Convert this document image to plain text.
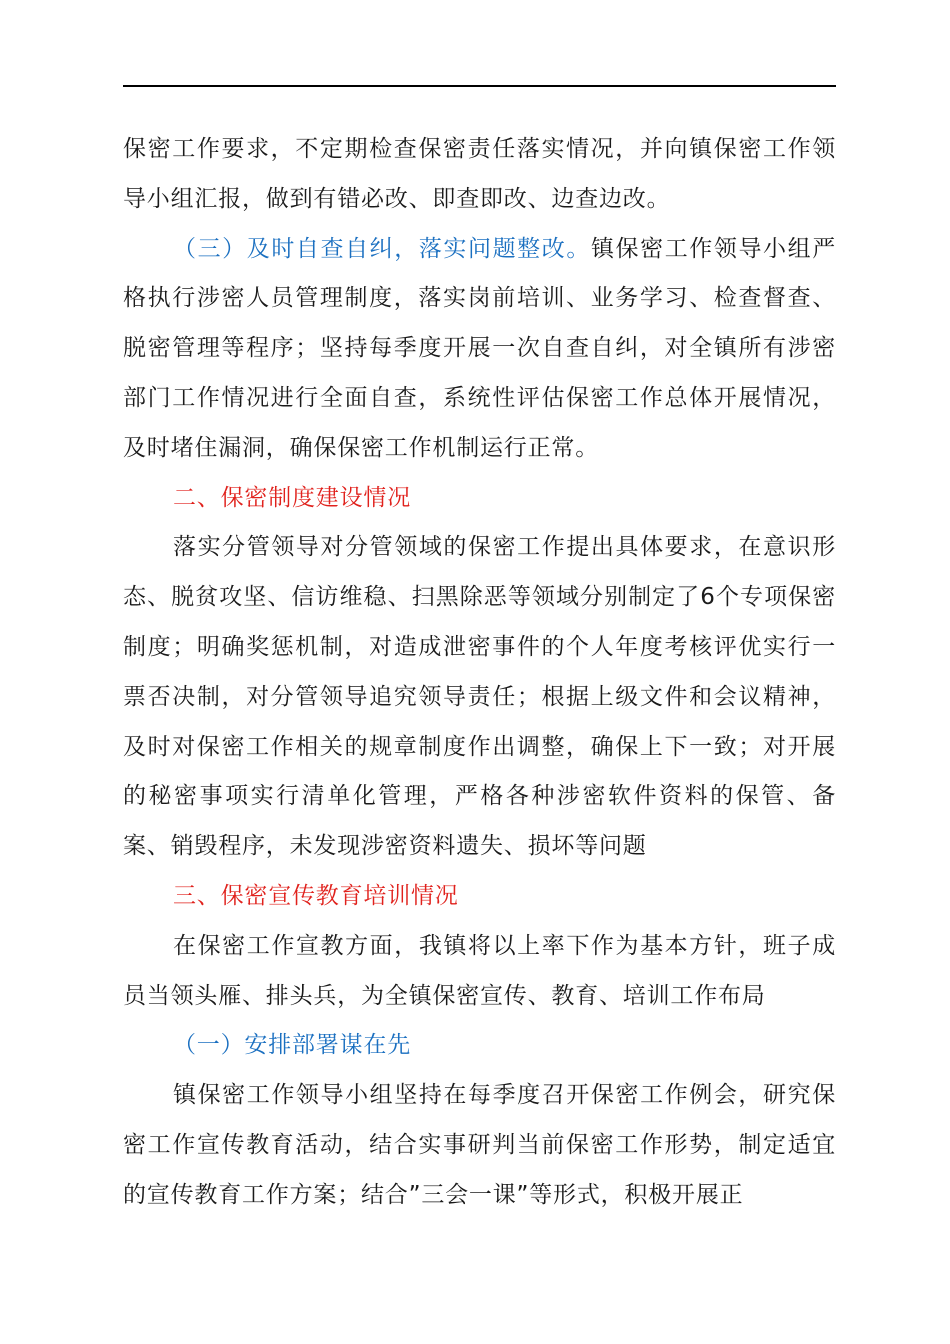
保密工作要求，不定期检查保密责任落实情况，并向镇保密工作领导小组汇报，做到有错必改、即查即改、边查边改。

（三）及时自查自纠，落实问题整改。镇保密工作领导小组严格执行涉密人员管理制度，落实岗前培训、业务学习、检查督查、脱密管理等程序；坚持每季度开展一次自查自纠，对全镇所有涉密部门工作情况进行全面自查，系统性评估保密工作总体开展情况，及时堵住漏洞，确保保密工作机制运行正常。

二、保密制度建设情况

落实分管领导对分管领域的保密工作提出具体要求，在意识形态、脱贫攻坚、信访维稳、扫黑除恶等领域分别制定了6个专项保密制度；明确奖惩机制，对造成泄密事件的个人年度考核评优实行一票否决制，对分管领导追究领导责任；根据上级文件和会议精神，及时对保密工作相关的规章制度作出调整，确保上下一致；对开展的秘密事项实行清单化管理，严格各种涉密软件资料的保管、备案、销毁程序，未发现涉密资料遗失、损坏等问题

三、保密宣传教育培训情况

在保密工作宣教方面，我镇将以上率下作为基本方针，班子成员当领头雁、排头兵，为全镇保密宣传、教育、培训工作布局

（一）安排部署谋在先

镇保密工作领导小组坚持在每季度召开保密工作例会，研究保密工作宣传教育活动，结合实事研判当前保密工作形势，制定适宜的宣传教育工作方案；结合”三会一课”等形式，积极开展正
